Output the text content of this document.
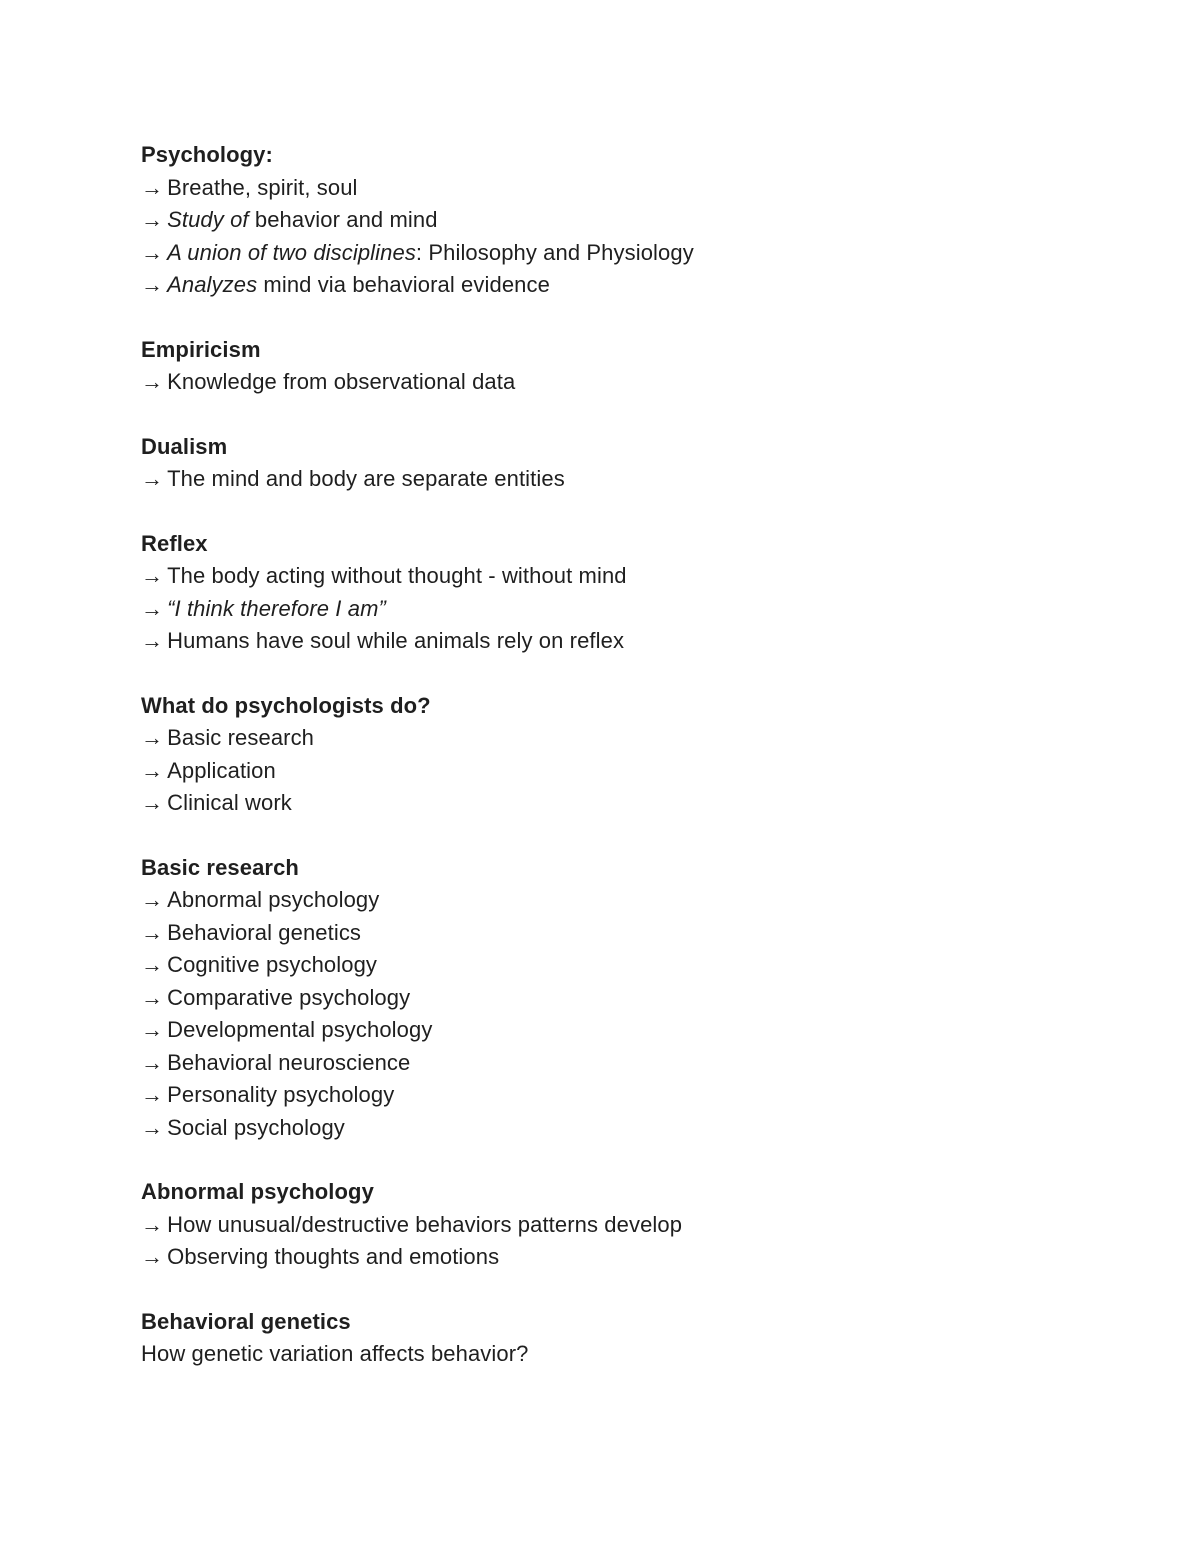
Psychology:
→ Breathe, spirit, soul
→ Study of behavior and mind
→ A union of two disciplines: Philosophy and Physiology
→ Analyzes mind via behavioral evidence
Empiricism
→ Knowledge from observational data
Dualism
→ The mind and body are separate entities
Reflex
→ The body acting without thought - without mind
→ “I think therefore I am”
→ Humans have soul while animals rely on reflex
What do psychologists do?
→ Basic research
→ Application
→ Clinical work
Basic research
→ Abnormal psychology
→ Behavioral genetics
→ Cognitive psychology
→ Comparative psychology
→ Developmental psychology
→ Behavioral neuroscience
→ Personality psychology
→ Social psychology
Abnormal psychology
→ How unusual/destructive behaviors patterns develop
→ Observing thoughts and emotions
Behavioral genetics
How genetic variation affects behavior?
